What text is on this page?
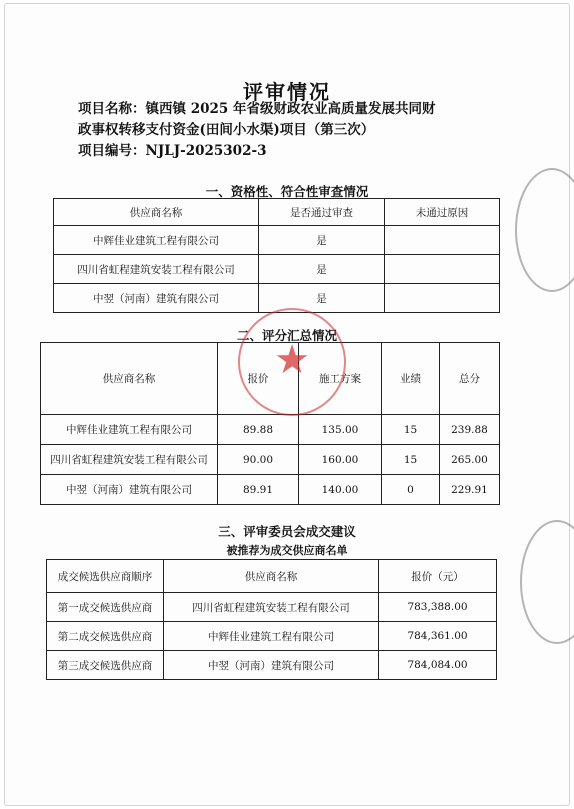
评审情况
项目名称：镇西镇 2025 年省级财政农业高质量发展共同财
政事权转移支付资金(田间小水渠)项目（第三次）
项目编号：NJLJ-2025302-3
一、资格性、符合性审查情况
供应商名称	是否通过审查	未通过原因
中辉佳业建筑工程有限公司	是	
四川省虹程建筑安装工程有限公司	是	
中翌（河南）建筑有限公司	是	
二、评分汇总情况
供应商名称	报价	施工方案	业绩	总分
中辉佳业建筑工程有限公司	89.88	135.00	15	239.88
四川省虹程建筑安装工程有限公司	90.00	160.00	15	265.00
中翌（河南）建筑有限公司	89.91	140.00	0	229.91
三、评审委员会成交建议
被推荐为成交供应商名单
成交候选供应商顺序	供应商名称	报价（元）
第一成交候选供应商	四川省虹程建筑安装工程有限公司	783,388.00
第二成交候选供应商	中辉佳业建筑工程有限公司	784,361.00
第三成交候选供应商	中翌（河南）建筑有限公司	784,084.00
★
